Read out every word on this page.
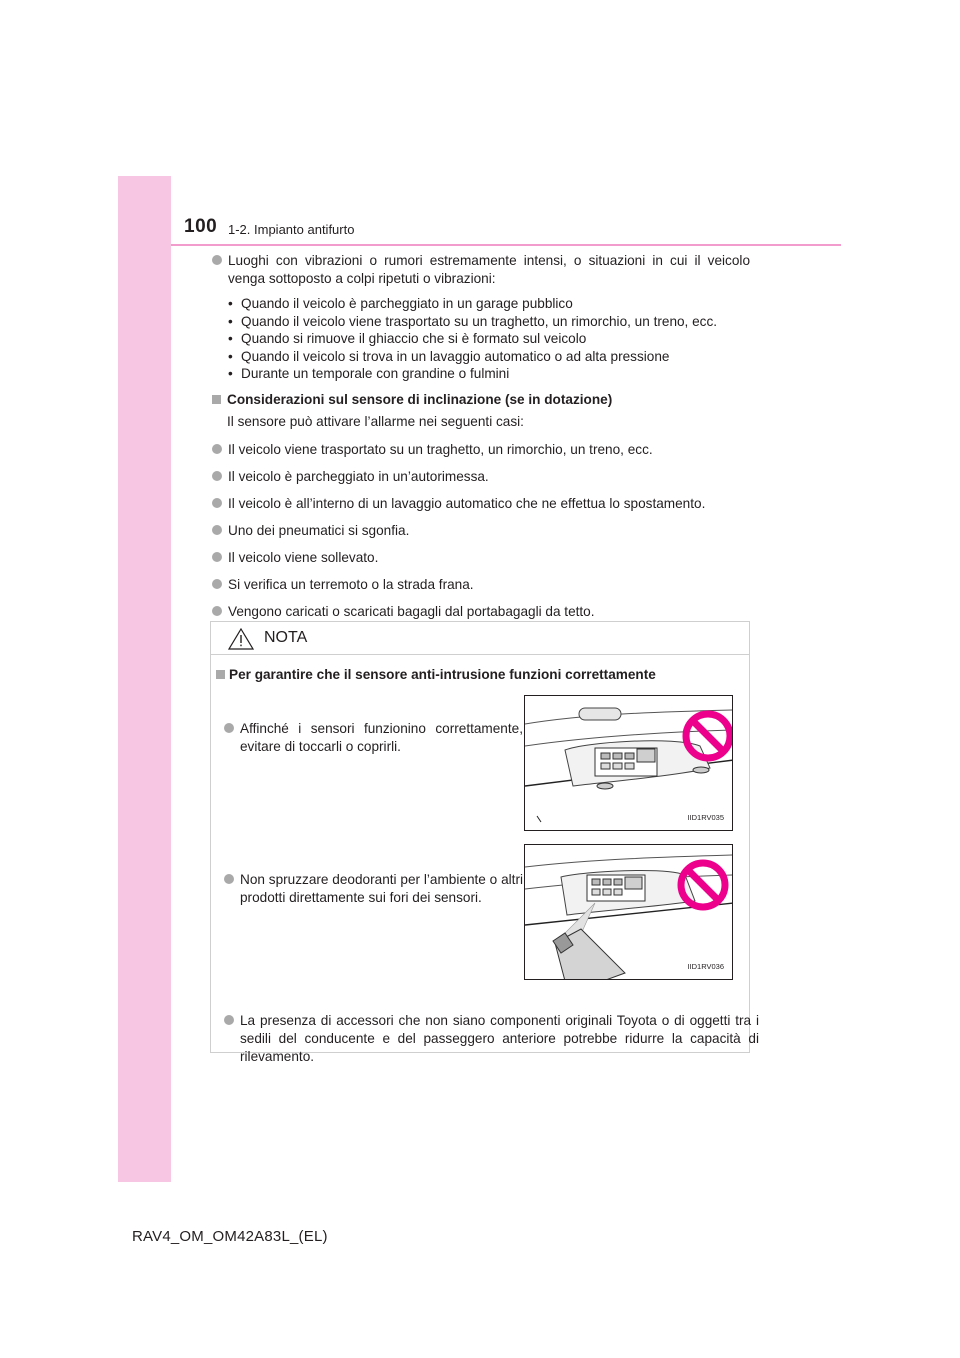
100 1-2. Impianto antifurto
Luoghi con vibrazioni o rumori estremamente intensi, o situazioni in cui il veicolo venga sottoposto a colpi ripetuti o vibrazioni:
• Quando il veicolo è parcheggiato in un garage pubblico
• Quando il veicolo viene trasportato su un traghetto, un rimorchio, un treno, ecc.
• Quando si rimuove il ghiaccio che si è formato sul veicolo
• Quando il veicolo si trova in un lavaggio automatico o ad alta pressione
• Durante un temporale con grandine o fulmini
Considerazioni sul sensore di inclinazione (se in dotazione)
Il sensore può attivare l’allarme nei seguenti casi:
Il veicolo viene trasportato su un traghetto, un rimorchio, un treno, ecc.
Il veicolo è parcheggiato in un’autorimessa.
Il veicolo è all’interno di un lavaggio automatico che ne effettua lo spostamento.
Uno dei pneumatici si sgonfia.
Il veicolo viene sollevato.
Si verifica un terremoto o la strada frana.
Vengono caricati o scaricati bagagli dal portabagagli da tetto.
NOTA
Per garantire che il sensore anti-intrusione funzioni correttamente
Affinché i sensori funzionino correttamente, evitare di toccarli o coprirli.
IID1RV035
Non spruzzare deodoranti per l’ambiente o altri prodotti direttamente sui fori dei sensori.
IID1RV036
La presenza di accessori che non siano componenti originali Toyota o di oggetti tra i sedili del conducente e del passeggero anteriore potrebbe ridurre la capacità di rilevamento.
RAV4_OM_OM42A83L_(EL)
